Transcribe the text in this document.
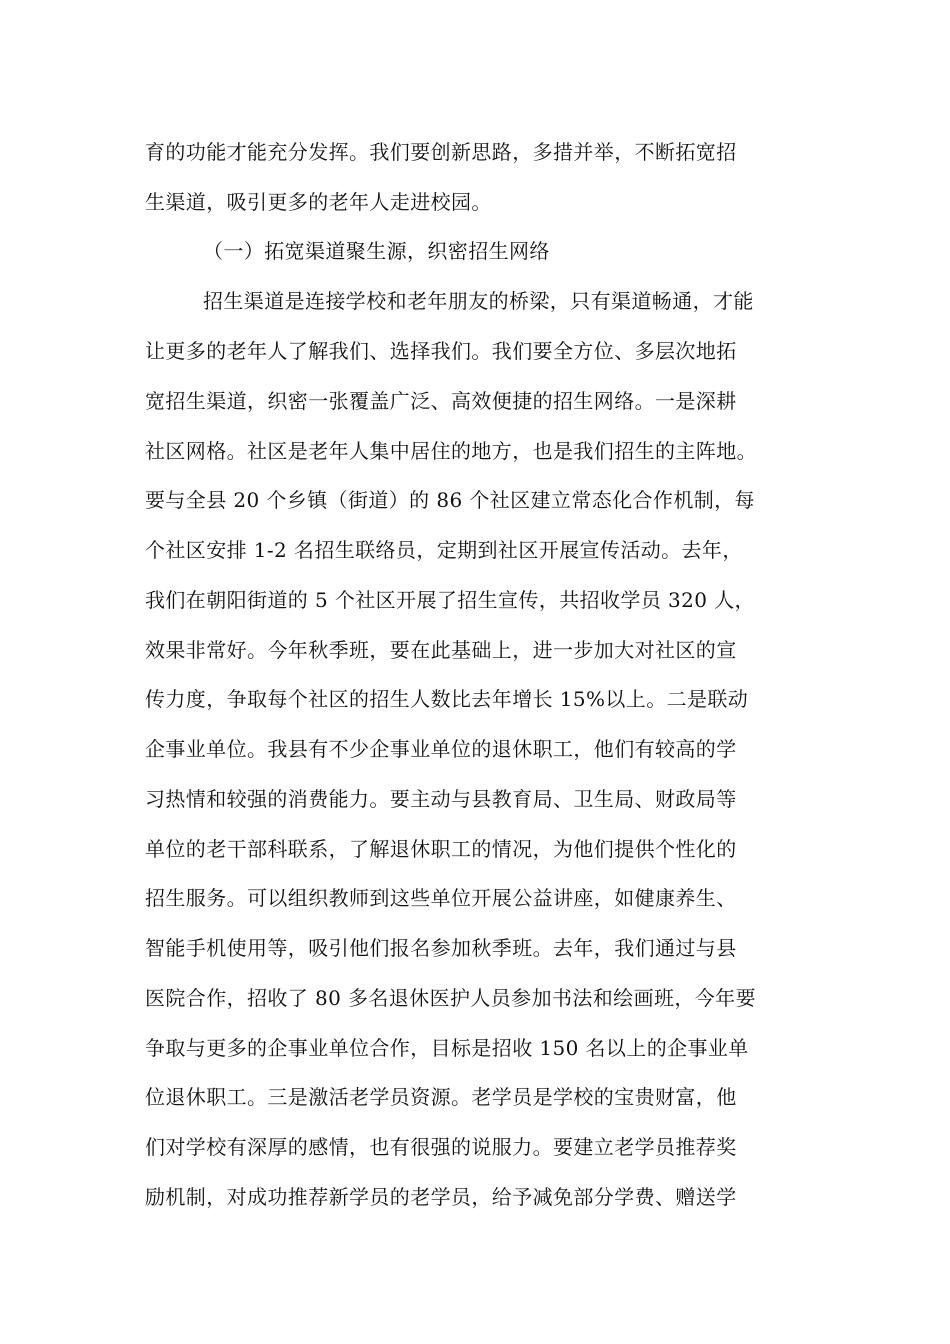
育的功能才能充分发挥。我们要创新思路，多措并举，不断拓宽招
生渠道，吸引更多的老年人走进校园。
（一）拓宽渠道聚生源，织密招生网络
招生渠道是连接学校和老年朋友的桥梁，只有渠道畅通，才能
让更多的老年人了解我们、选择我们。我们要全方位、多层次地拓
宽招生渠道，织密一张覆盖广泛、高效便捷的招生网络。一是深耕
社区网格。社区是老年人集中居住的地方，也是我们招生的主阵地。
要与全县 20 个乡镇（街道）的 86 个社区建立常态化合作机制，每
个社区安排 1-2 名招生联络员，定期到社区开展宣传活动。去年，
我们在朝阳街道的 5 个社区开展了招生宣传，共招收学员 320 人，
效果非常好。今年秋季班，要在此基础上，进一步加大对社区的宣
传力度，争取每个社区的招生人数比去年增长 15%以上。二是联动
企事业单位。我县有不少企事业单位的退休职工，他们有较高的学
习热情和较强的消费能力。要主动与县教育局、卫生局、财政局等
单位的老干部科联系，了解退休职工的情况，为他们提供个性化的
招生服务。可以组织教师到这些单位开展公益讲座，如健康养生、
智能手机使用等，吸引他们报名参加秋季班。去年，我们通过与县
医院合作，招收了 80 多名退休医护人员参加书法和绘画班，今年要
争取与更多的企事业单位合作，目标是招收 150 名以上的企事业单
位退休职工。三是激活老学员资源。老学员是学校的宝贵财富，他
们对学校有深厚的感情，也有很强的说服力。要建立老学员推荐奖
励机制，对成功推荐新学员的老学员，给予减免部分学费、赠送学
